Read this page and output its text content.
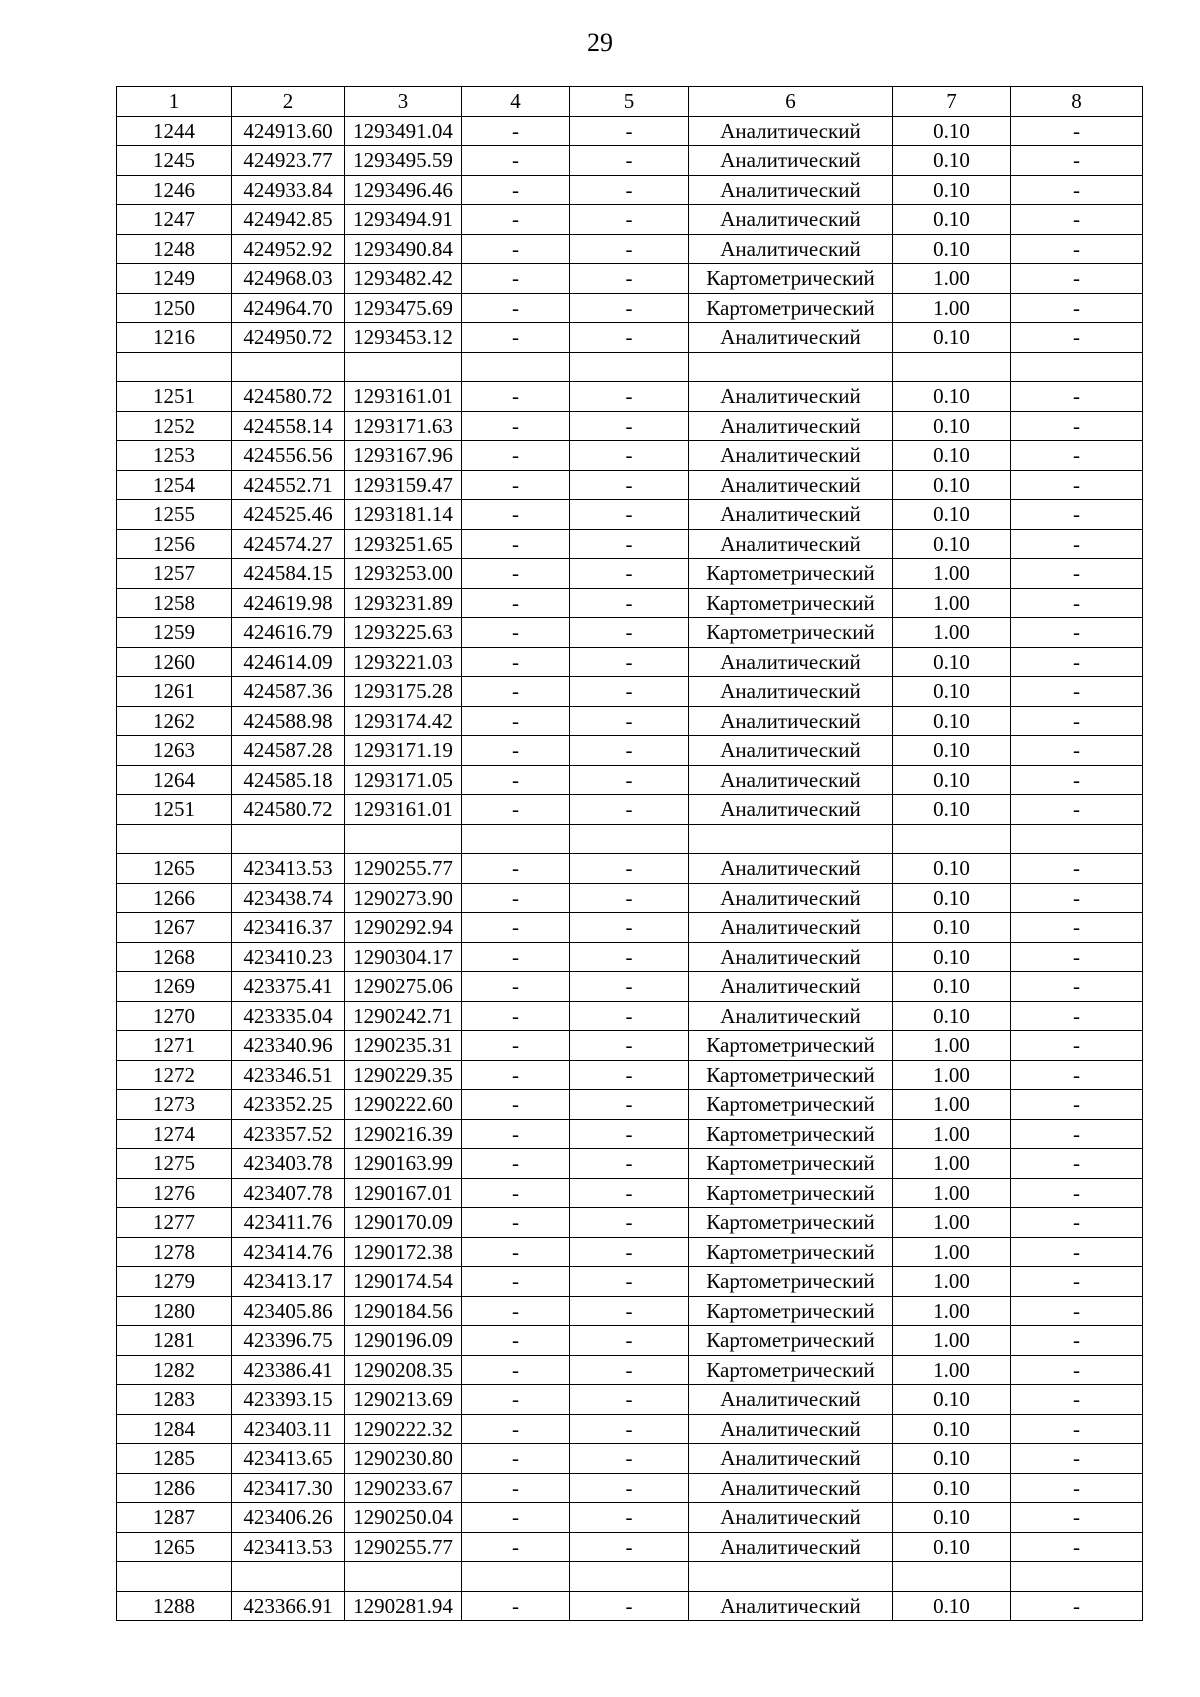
29
1	2	3	4	5	6	7	8
1244	424913.60	1293491.04	-	-	Аналитический	0.10	-
1245	424923.77	1293495.59	-	-	Аналитический	0.10	-
1246	424933.84	1293496.46	-	-	Аналитический	0.10	-
1247	424942.85	1293494.91	-	-	Аналитический	0.10	-
1248	424952.92	1293490.84	-	-	Аналитический	0.10	-
1249	424968.03	1293482.42	-	-	Картометрический	1.00	-
1250	424964.70	1293475.69	-	-	Картометрический	1.00	-
1216	424950.72	1293453.12	-	-	Аналитический	0.10	-

1251	424580.72	1293161.01	-	-	Аналитический	0.10	-
1252	424558.14	1293171.63	-	-	Аналитический	0.10	-
1253	424556.56	1293167.96	-	-	Аналитический	0.10	-
1254	424552.71	1293159.47	-	-	Аналитический	0.10	-
1255	424525.46	1293181.14	-	-	Аналитический	0.10	-
1256	424574.27	1293251.65	-	-	Аналитический	0.10	-
1257	424584.15	1293253.00	-	-	Картометрический	1.00	-
1258	424619.98	1293231.89	-	-	Картометрический	1.00	-
1259	424616.79	1293225.63	-	-	Картометрический	1.00	-
1260	424614.09	1293221.03	-	-	Аналитический	0.10	-
1261	424587.36	1293175.28	-	-	Аналитический	0.10	-
1262	424588.98	1293174.42	-	-	Аналитический	0.10	-
1263	424587.28	1293171.19	-	-	Аналитический	0.10	-
1264	424585.18	1293171.05	-	-	Аналитический	0.10	-
1251	424580.72	1293161.01	-	-	Аналитический	0.10	-

1265	423413.53	1290255.77	-	-	Аналитический	0.10	-
1266	423438.74	1290273.90	-	-	Аналитический	0.10	-
1267	423416.37	1290292.94	-	-	Аналитический	0.10	-
1268	423410.23	1290304.17	-	-	Аналитический	0.10	-
1269	423375.41	1290275.06	-	-	Аналитический	0.10	-
1270	423335.04	1290242.71	-	-	Аналитический	0.10	-
1271	423340.96	1290235.31	-	-	Картометрический	1.00	-
1272	423346.51	1290229.35	-	-	Картометрический	1.00	-
1273	423352.25	1290222.60	-	-	Картометрический	1.00	-
1274	423357.52	1290216.39	-	-	Картометрический	1.00	-
1275	423403.78	1290163.99	-	-	Картометрический	1.00	-
1276	423407.78	1290167.01	-	-	Картометрический	1.00	-
1277	423411.76	1290170.09	-	-	Картометрический	1.00	-
1278	423414.76	1290172.38	-	-	Картометрический	1.00	-
1279	423413.17	1290174.54	-	-	Картометрический	1.00	-
1280	423405.86	1290184.56	-	-	Картометрический	1.00	-
1281	423396.75	1290196.09	-	-	Картометрический	1.00	-
1282	423386.41	1290208.35	-	-	Картометрический	1.00	-
1283	423393.15	1290213.69	-	-	Аналитический	0.10	-
1284	423403.11	1290222.32	-	-	Аналитический	0.10	-
1285	423413.65	1290230.80	-	-	Аналитический	0.10	-
1286	423417.30	1290233.67	-	-	Аналитический	0.10	-
1287	423406.26	1290250.04	-	-	Аналитический	0.10	-
1265	423413.53	1290255.77	-	-	Аналитический	0.10	-

1288	423366.91	1290281.94	-	-	Аналитический	0.10	-
